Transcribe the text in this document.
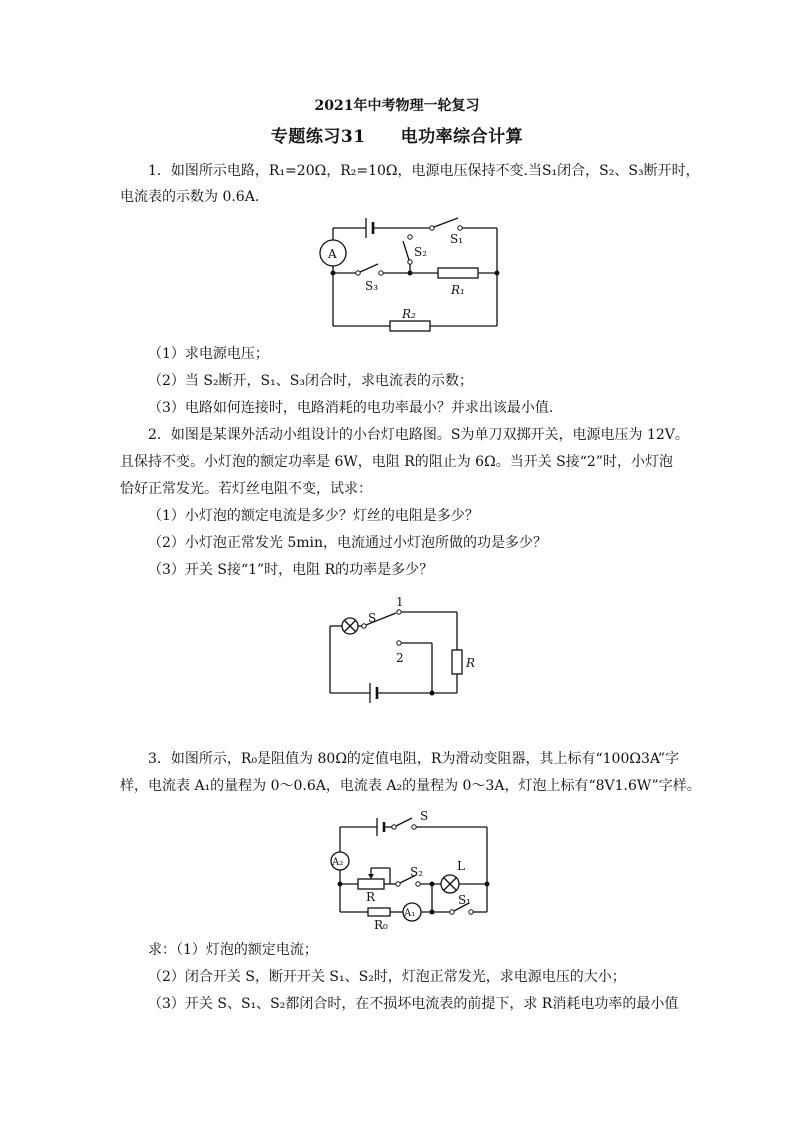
2021年中考物理一轮复习
专题练习31　　电功率综合计算
1．如图所示电路，R₁=20Ω，R₂=10Ω，电源电压保持不变.当S₁闭合，S₂、S₃断开时，
电流表的示数为 0.6A.
A
S₁
S₂
S₃	R₁
R₂
（1）求电源电压；
（2）当 S₂断开，S₁、S₃闭合时，求电流表的示数；
（3）电路如何连接时，电路消耗的电功率最小？并求出该最小值.
2．如图是某课外活动小组设计的小台灯电路图。S为单刀双掷开关，电源电压为 12V。
且保持不变。小灯泡的额定功率是 6W，电阻 R的阻止为 6Ω。当开关 S接“2”时，小灯泡
恰好正常发光。若灯丝电阻不变，试求：
（1）小灯泡的额定电流是多少？灯丝的电阻是多少？
（2）小灯泡正常发光 5min，电流通过小灯泡所做的功是多少？
（3）开关 S接“1”时，电阻 R的功率是多少？
S
1
2	R
3．如图所示，R₀是阻值为 80Ω的定值电阻，R为滑动变阻器，其上标有“100Ω3A”字
样，电流表 A₁的量程为 0～0.6A，电流表 A₂的量程为 0～3A，灯泡上标有“8V1.6W”字样。
S
A₂
R
S₂	L
A₁
S₁
R₀
求：（1）灯泡的额定电流；
（2）闭合开关 S，断开开关 S₁、S₂时，灯泡正常发光，求电源电压的大小；
（3）开关 S、S₁、S₂都闭合时，在不损坏电流表的前提下，求 R消耗电功率的最小值
